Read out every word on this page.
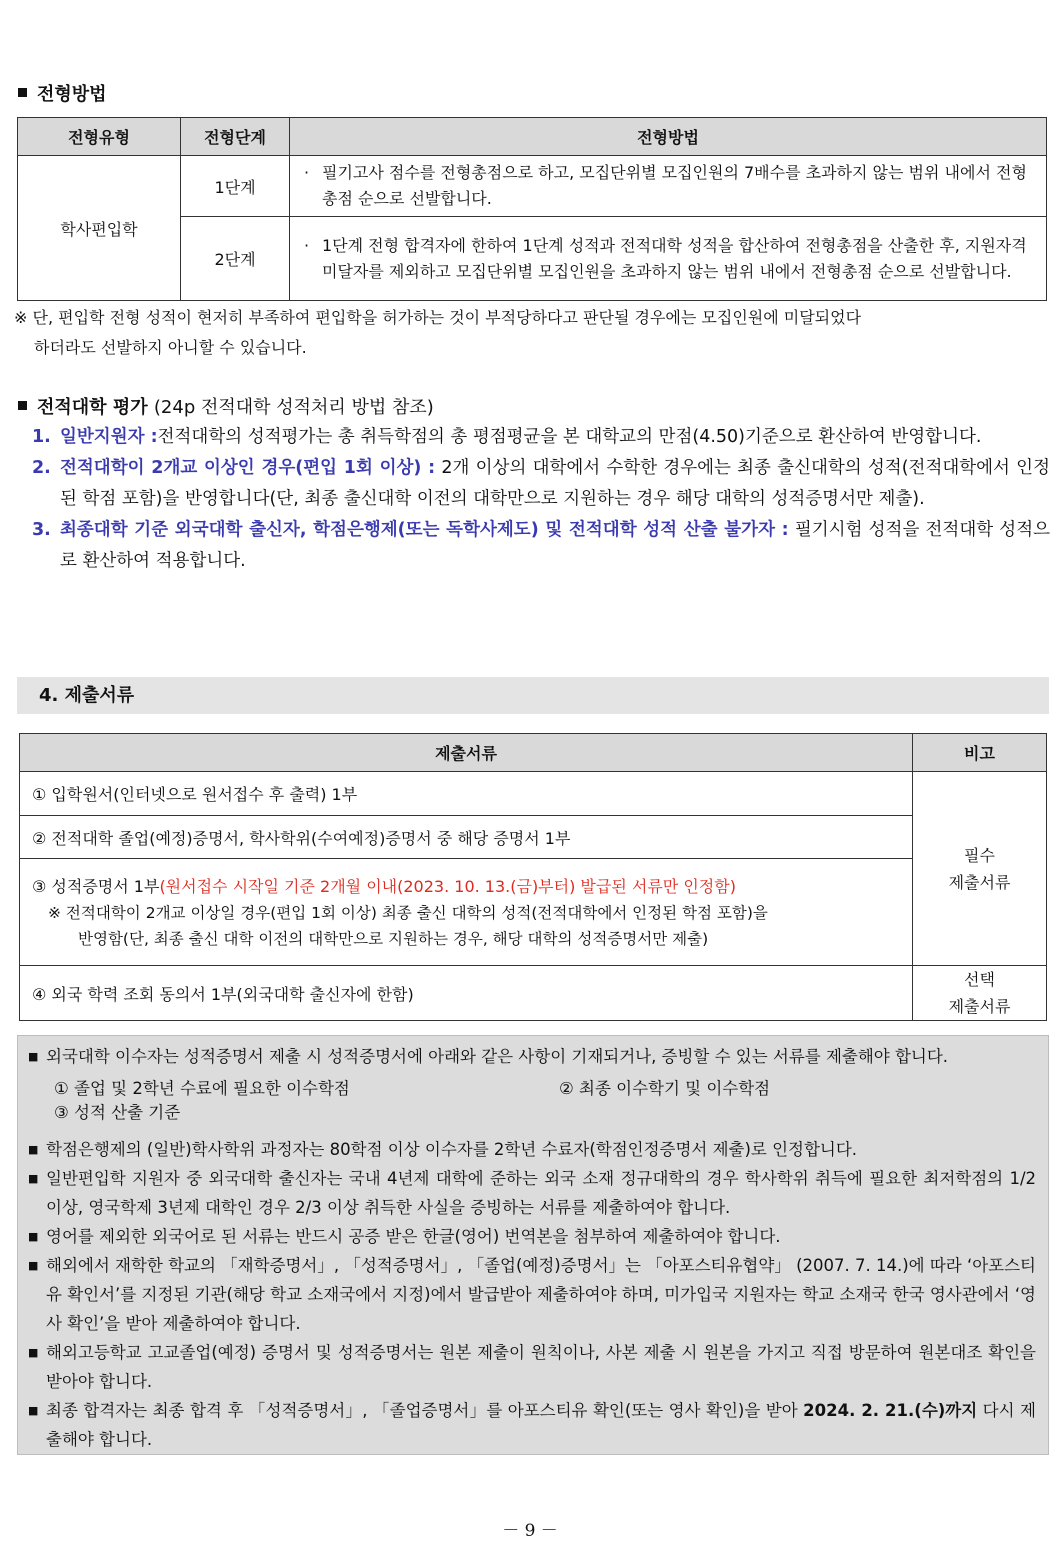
전형방법
전형유형	전형단계	전형방법
학사편입학	1단계	· 필기고사 점수를 전형총점으로 하고, 모집단위별 모집인원의 7배수를 초과하지 않는 범위 내에서 전형총점 순으로 선발합니다.

	2단계	· 1단계 전형 합격자에 한하여 1단계 성적과 전적대학 성적을 합산하여 전형총점을 산출한 후, 지원자격 미달자를 제외하고 모집단위별 모집인원을 초과하지 않는 범위 내에서 전형총점 순으로 선발합니다.
※ 단, 편입학 전형 성적이 현저히 부족하여 편입학을 허가하는 것이 부적당하다고 판단될 경우에는 모집인원에 미달되었다
하더라도 선발하지 아니할 수 있습니다.
전적대학 평가 (24p 전적대학 성적처리 방법 참조)
1. 일반지원자 :전적대학의 성적평가는 총 취득학점의 총 평점평균을 본 대학교의 만점(4.50)기준으로 환산하여 반영합니다.
2. 전적대학이 2개교 이상인 경우(편입 1회 이상) : 2개 이상의 대학에서 수학한 경우에는 최종 출신대학의 성적(전적대학에서 인정된 학점 포함)을 반영합니다(단, 최종 출신대학 이전의 대학만으로 지원하는 경우 해당 대학의 성적증명서만 제출).
3. 최종대학 기준 외국대학 출신자, 학점은행제(또는 독학사제도) 및 전적대학 성적 산출 불가자 : 필기시험 성적을 전적대학 성적으로 환산하여 적용합니다.
4. 제출서류
제출서류	비고
① 입학원서(인터넷으로 원서접수 후 출력) 1부	필수
제출서류

② 전적대학 졸업(예정)증명서, 학사학위(수여예정)증명서 중 해당 증명서 1부	

③ 성적증명서 1부(원서접수 시작일 기준 2개월 이내(2023. 10. 13.(금)부터) 발급된 서류만 인정함)
※ 전적대학이 2개교 이상일 경우(편입 1회 이상) 최종 출신 대학의 성적(전적대학에서 인정된 학점 포함)을
반영함(단, 최종 출신 대학 이전의 대학만으로 지원하는 경우, 해당 대학의 성적증명서만 제출)	

④ 외국 학력 조회 동의서 1부(외국대학 출신자에 한함)	선택
제출서류
■ 외국대학 이수자는 성적증명서 제출 시 성적증명서에 아래와 같은 사항이 기재되거나, 증빙할 수 있는 서류를 제출해야 합니다.
① 졸업 및 2학년 수료에 필요한 이수학점	② 최종 이수학기 및 이수학점
③ 성적 산출 기준
■ 학점은행제의 (일반)학사학위 과정자는 80학점 이상 이수자를 2학년 수료자(학점인정증명서 제출)로 인정합니다.
■ 일반편입학 지원자 중 외국대학 출신자는 국내 4년제 대학에 준하는 외국 소재 정규대학의 경우 학사학위 취득에 필요한 최저학점의 1/2 이상, 영국학제 3년제 대학인 경우 2/3 이상 취득한 사실을 증빙하는 서류를 제출하여야 합니다.
■ 영어를 제외한 외국어로 된 서류는 반드시 공증 받은 한글(영어) 번역본을 첨부하여 제출하여야 합니다.
■ 해외에서 재학한 학교의 「재학증명서」, 「성적증명서」, 「졸업(예정)증명서」는 「아포스티유협약」 (2007. 7. 14.)에 따라 ‘아포스티유 확인서’를 지정된 기관(해당 학교 소재국에서 지정)에서 발급받아 제출하여야 하며, 미가입국 지원자는 학교 소재국 한국 영사관에서 ‘영사 확인’을 받아 제출하여야 합니다.
■ 해외고등학교 고교졸업(예정) 증명서 및 성적증명서는 원본 제출이 원칙이나, 사본 제출 시 원본을 가지고 직접 방문하여 원본대조 확인을 받아야 합니다.
■ 최종 합격자는 최종 합격 후 「성적증명서」, 「졸업증명서」를 아포스티유 확인(또는 영사 확인)을 받아 2024. 2. 21.(수)까지 다시 제출해야 합니다.
－ 9 －
